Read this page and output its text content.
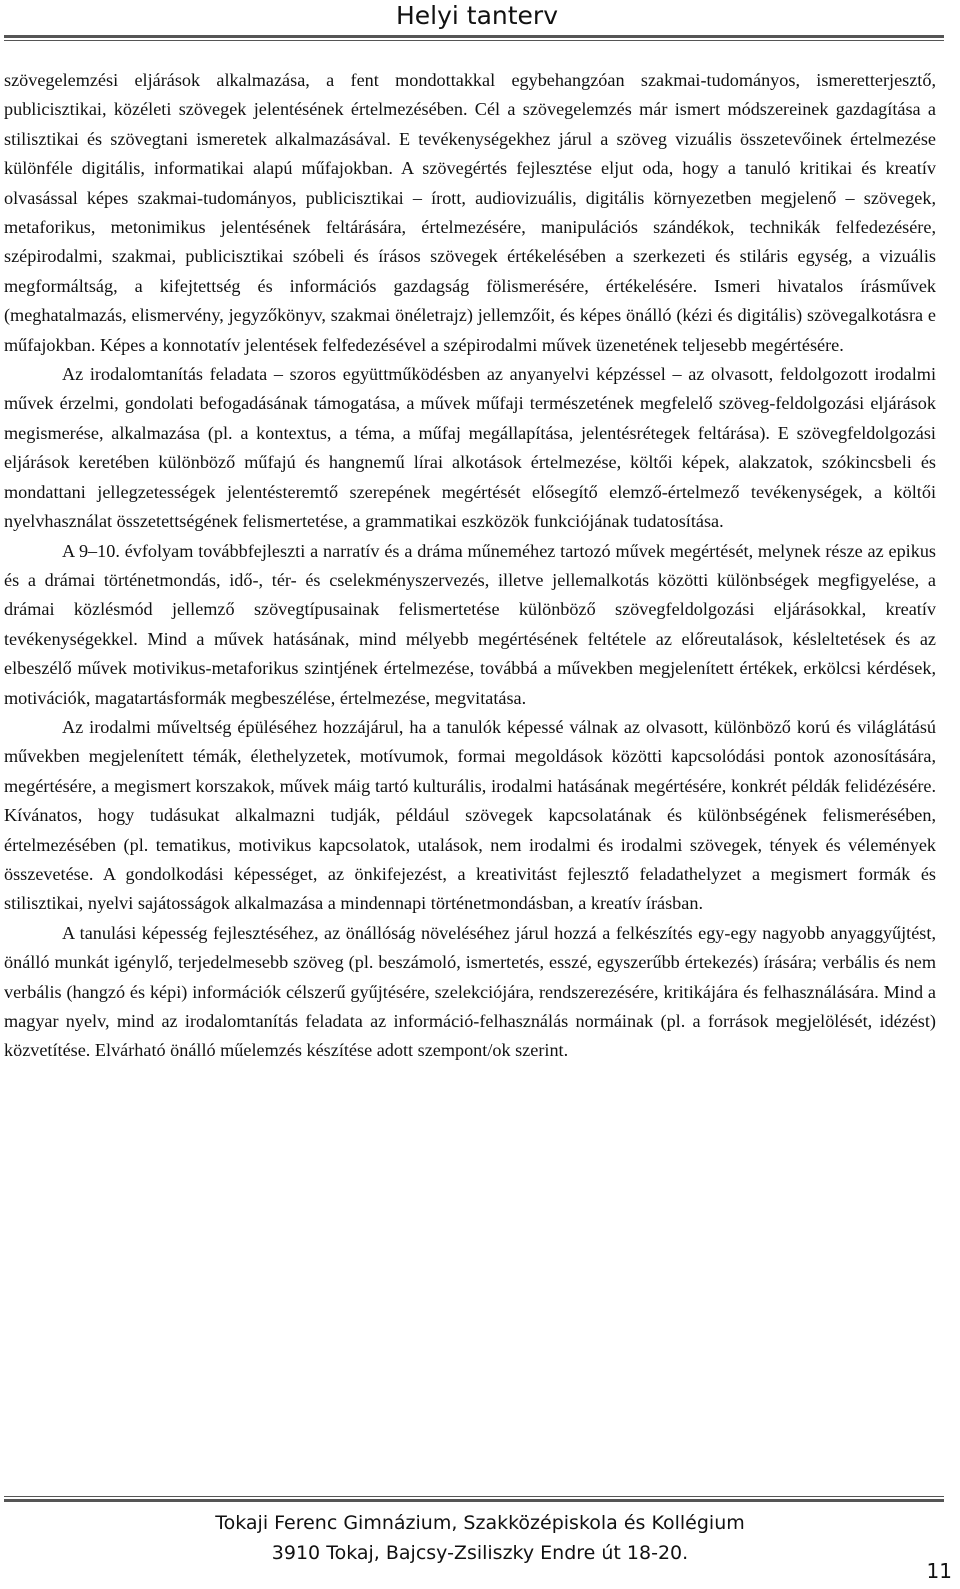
Helyi tanterv

szövegelemzési eljárások alkalmazása, a fent mondottakkal egybehangzóan szakmai-tudományos, ismeretterjesztő, publicisztikai, közéleti szövegek jelentésének értelmezésében. Cél a szövegelemzés már ismert módszereinek gazdagítása a stilisztikai és szövegtani ismeretek alkalmazásával. E tevékenységekhez járul a szöveg vizuális összetevőinek értelmezése különféle digitális, informatikai alapú műfajokban. A szövegértés fejlesztése eljut oda, hogy a tanuló kritikai és kreatív olvasással képes szakmai-tudományos, publicisztikai – írott, audiovizuális, digitális környezetben megjelenő – szövegek, metaforikus, metonimikus jelentésének feltárására, értelmezésére, manipulációs szándékok, technikák felfedezésére, szépirodalmi, szakmai, publicisztikai szóbeli és írásos szövegek értékelésében a szerkezeti és stiláris egység, a vizuális megformáltság, a kifejtettség és információs gazdagság fölismerésére, értékelésére. Ismeri hivatalos írásművek (meghatalmazás, elismervény, jegyzőkönyv, szakmai önéletrajz) jellemzőit, és képes önálló (kézi és digitális) szövegalkotásra e műfajokban. Képes a konnotatív jelentések felfedezésével a szépirodalmi művek üzenetének teljesebb megértésére.

Az irodalomtanítás feladata – szoros együttműködésben az anyanyelvi képzéssel – az olvasott, feldolgozott irodalmi művek érzelmi, gondolati befogadásának támogatása, a művek műfaji természetének megfelelő szöveg-feldolgozási eljárások megismerése, alkalmazása (pl. a kontextus, a téma, a műfaj megállapítása, jelentésrétegek feltárása). E szövegfeldolgozási eljárások keretében különböző műfajú és hangnemű lírai alkotások értelmezése, költői képek, alakzatok, szókincsbeli és mondattani jellegzetességek jelentésteremtő szerepének megértését elősegítő elemző-értelmező tevékenységek, a költői nyelvhasználat összetettségének felismertetése, a grammatikai eszközök funkciójának tudatosítása.

A 9–10. évfolyam továbbfejleszti a narratív és a dráma műneméhez tartozó művek megértését, melynek része az epikus és a drámai történetmondás, idő-, tér- és cselekményszervezés, illetve jellemalkotás közötti különbségek megfigyelése, a drámai közlésmód jellemző szövegtípusainak felismertetése különböző szövegfeldolgozási eljárásokkal, kreatív tevékenységekkel. Mind a művek hatásának, mind mélyebb megértésének feltétele az előreutalások, késleltetések és az elbeszélő művek motivikus-metaforikus szintjének értelmezése, továbbá a művekben megjelenített értékek, erkölcsi kérdések, motivációk, magatartásformák megbeszélése, értelmezése, megvitatása.

Az irodalmi műveltség épüléséhez hozzájárul, ha a tanulók képessé válnak az olvasott, különböző korú és világlátású művekben megjelenített témák, élethelyzetek, motívumok, formai megoldások közötti kapcsolódási pontok azonosítására, megértésére, a megismert korszakok, művek máig tartó kulturális, irodalmi hatásának megértésére, konkrét példák felidézésére. Kívánatos, hogy tudásukat alkalmazni tudják, például szövegek kapcsolatának és különbségének felismerésében, értelmezésében (pl. tematikus, motivikus kapcsolatok, utalások, nem irodalmi és irodalmi szövegek, tények és vélemények összevetése. A gondolkodási képességet, az önkifejezést, a kreativitást fejlesztő feladathelyzet a megismert formák és stilisztikai, nyelvi sajátosságok alkalmazása a mindennapi történetmondásban, a kreatív írásban.

A tanulási képesség fejlesztéséhez, az önállóság növeléséhez járul hozzá a felkészítés egy-egy nagyobb anyaggyűjtést, önálló munkát igénylő, terjedelmesebb szöveg (pl. beszámoló, ismertetés, esszé, egyszerűbb értekezés) írására; verbális és nem verbális (hangzó és képi) információk célszerű gyűjtésére, szelekciójára, rendszerezésére, kritikájára és felhasználására. Mind a magyar nyelv, mind az irodalomtanítás feladata az információ-felhasználás normáinak (pl. a források megjelölését, idézést) közvetítése. Elvárható önálló műelemzés készítése adott szempont/ok szerint.

Tokaji Ferenc Gimnázium, Szakközépiskola és Kollégium
3910 Tokaj, Bajcsy-Zsiliszky Endre út 18-20.
11
